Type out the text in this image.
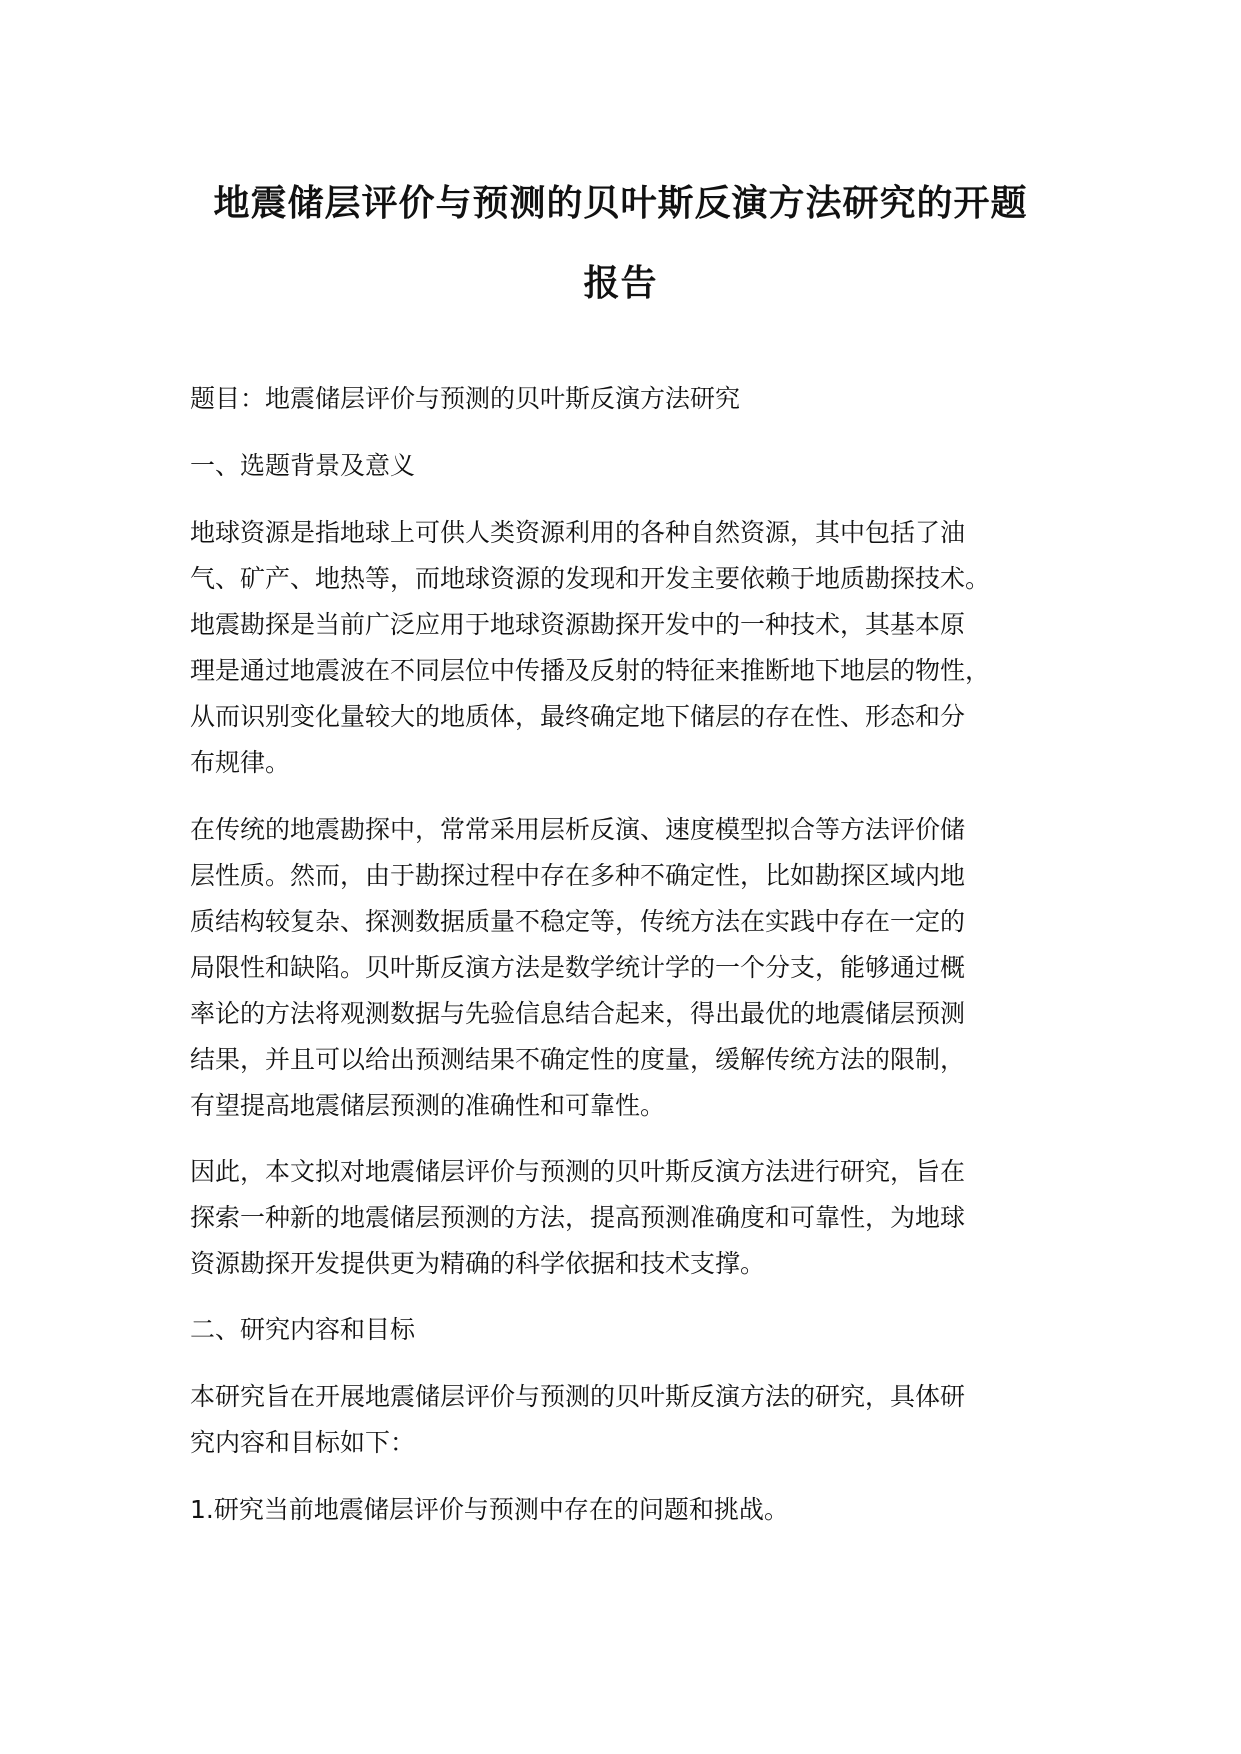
地震储层评价与预测的贝叶斯反演方法研究的开题
报告

题目：地震储层评价与预测的贝叶斯反演方法研究

一、选题背景及意义

地球资源是指地球上可供人类资源利用的各种自然资源，其中包括了油
气、矿产、地热等，而地球资源的发现和开发主要依赖于地质勘探技术。
地震勘探是当前广泛应用于地球资源勘探开发中的一种技术，其基本原
理是通过地震波在不同层位中传播及反射的特征来推断地下地层的物性，
从而识别变化量较大的地质体，最终确定地下储层的存在性、形态和分
布规律。

在传统的地震勘探中，常常采用层析反演、速度模型拟合等方法评价储
层性质。然而，由于勘探过程中存在多种不确定性，比如勘探区域内地
质结构较复杂、探测数据质量不稳定等，传统方法在实践中存在一定的
局限性和缺陷。贝叶斯反演方法是数学统计学的一个分支，能够通过概
率论的方法将观测数据与先验信息结合起来，得出最优的地震储层预测
结果，并且可以给出预测结果不确定性的度量，缓解传统方法的限制，
有望提高地震储层预测的准确性和可靠性。

因此，本文拟对地震储层评价与预测的贝叶斯反演方法进行研究，旨在
探索一种新的地震储层预测的方法，提高预测准确度和可靠性，为地球
资源勘探开发提供更为精确的科学依据和技术支撑。

二、研究内容和目标

本研究旨在开展地震储层评价与预测的贝叶斯反演方法的研究，具体研
究内容和目标如下：

1.研究当前地震储层评价与预测中存在的问题和挑战。
